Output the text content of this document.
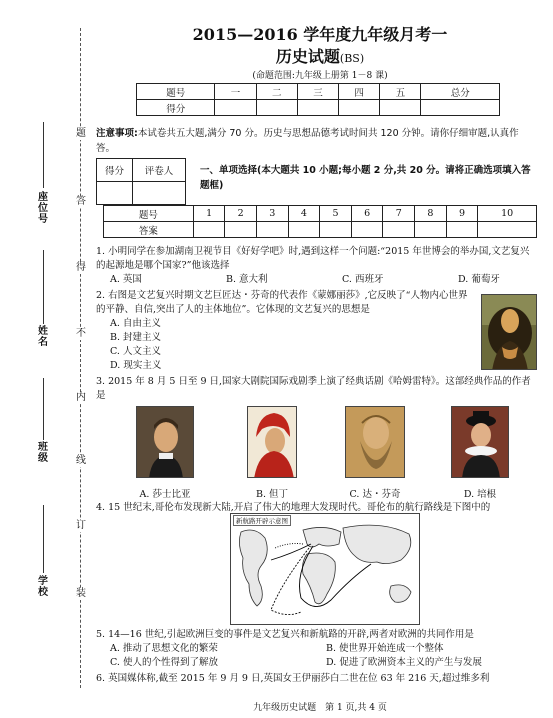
题
答
得
不
内
线
订
装
座位号
姓名
班级
学校
2015—2016 学年度九年级月考一
历史试题(BS)
(命题范围:九年级上册第 1－8 课)
题号	一	二	三	四	五	总分
得分						
注意事项:本试卷共五大题,满分 70 分。历史与思想品德考试时间共 120 分钟。请你仔细审题,认真作答。
得分	评卷人
		一、单项选择(本大题共 10 小题;每小题 2 分,共 20 分。请将正确选项填入答题框)
题号	1	2	3	4	5	6	7	8	9	10
答案										
1. 小明同学在参加湖南卫视节目《好好学吧》时,遇到这样一个问题:“2015 年世博会的举办国,文艺复兴的起源地是哪个国家?”他该选择
A. 英国	B. 意大利	C. 西班牙	D. 葡萄牙
2. 右图是文艺复兴时期文艺巨匠达・芬奇的代表作《蒙娜丽莎》,它反映了“人物内心世界的平静、自信,突出了人的主体地位”。它体现的文艺复兴的思想是
A. 自由主义
B. 封建主义
C. 人文主义
D. 现实主义
3. 2015 年 8 月 5 日至 9 日,国家大剧院国际戏剧季上演了经典话剧《哈姆雷特》。这部经典作品的作者是
A. 莎士比亚	B. 但丁	C. 达・芬奇	D. 培根
4. 15 世纪末,哥伦布发现新大陆,开启了伟大的地理大发现时代。哥伦布的航行路线是下图中的
新航路开辟示意图
5. 14—16 世纪,引起欧洲巨变的事件是文艺复兴和新航路的开辟,两者对欧洲的共同作用是
A. 推动了思想文化的繁荣	B. 使世界开始连成一个整体
C. 使人的个性得到了解放	D. 促进了欧洲资本主义的产生与发展
6. 英国媒体称,截至 2015 年 9 月 9 日,英国女王伊丽莎白二世在位 63 年 216 天,超过维多利
九年级历史试题　第 1 页,共 4 页
